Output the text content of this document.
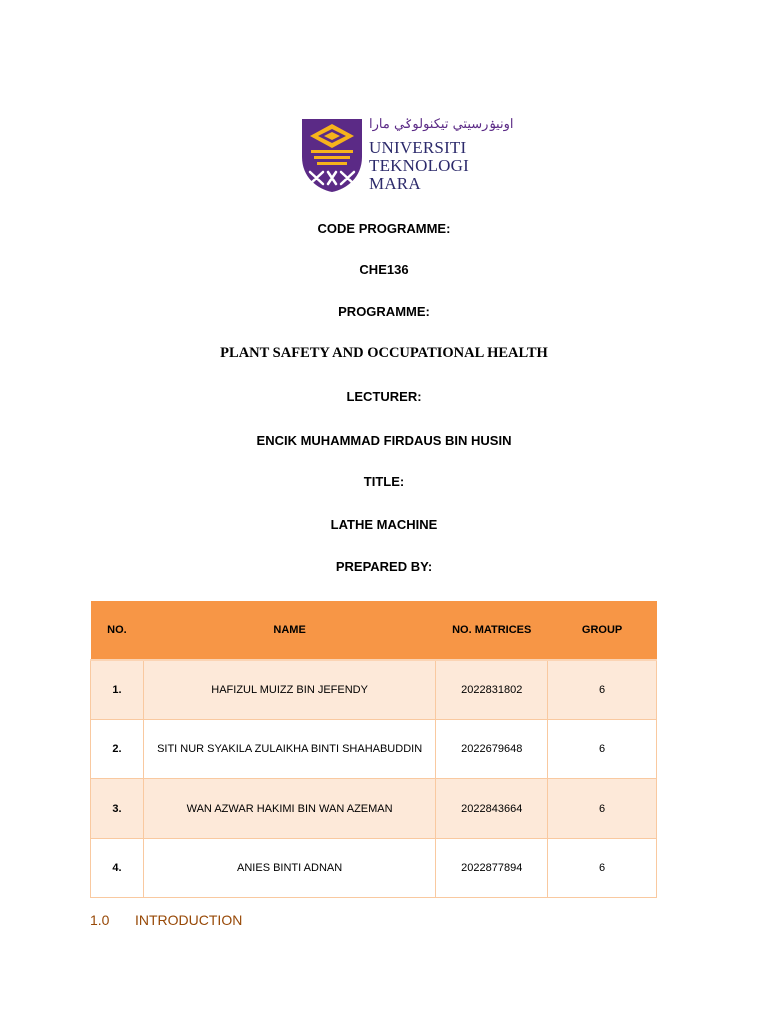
اونيۏرسيتي تيكنولوݢي مارا
UNIVERSITI
TEKNOLOGI
MARA
CODE PROGRAMME:
CHE136
PROGRAMME:
PLANT SAFETY AND OCCUPATIONAL HEALTH
LECTURER:
ENCIK MUHAMMAD FIRDAUS BIN HUSIN
TITLE:
LATHE MACHINE
PREPARED BY:
NO.	NAME	NO. MATRICES	GROUP
1.	HAFIZUL MUIZZ BIN JEFENDY	2022831802	6
2.	SITI NUR SYAKILA ZULAIKHA BINTI SHAHABUDDIN	2022679648	6
3.	WAN AZWAR HAKIMI BIN WAN AZEMAN	2022843664	6
4.	ANIES BINTI ADNAN	2022877894	6
1.0 INTRODUCTION
